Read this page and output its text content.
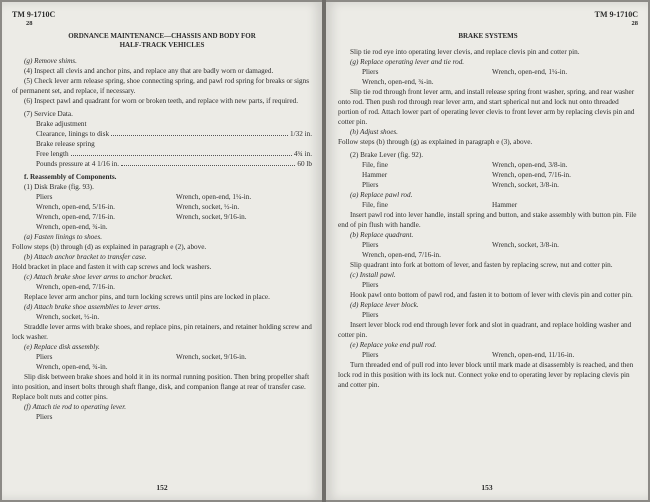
TM 9-1710C
28
ORDNANCE MAINTENANCE—CHASSIS AND BODY FOR
HALF-TRACK VEHICLES

(g) Remove shims.

(4) Inspect all clevis and anchor pins, and replace any that are badly worn or damaged.

(5) Check lever arm release spring, shoe connecting spring, and pawl rod spring for breaks or signs of permanent set, and replace, if necessary.

(6) Inspect pawl and quadrant for worn or broken teeth, and replace with new parts, if required.

(7) Service Data.

Brake adjustment
Clearance, linings to disk	1/32 in.
Brake release spring
Free length	4¾ in.
Pounds pressure at 4 1/16 in.	60 lb

f. Reassembly of Components.

(1) Disk Brake (fig. 93).

Pliers	Wrench, open-end, 1¼-in.
Wrench, open-end, 5/16-in.	Wrench, socket, ½-in.
Wrench, open-end, 7/16-in.	Wrench, socket, 9/16-in.
Wrench, open-end, ¾-in.

(a) Fasten linings to shoes.

Follow steps (b) through (d) as explained in paragraph e (2), above.

(b) Attach anchor bracket to transfer case.

Hold bracket in place and fasten it with cap screws and lock washers.

(c) Attach brake shoe lever arms to anchor bracket.

Wrench, open-end, 7/16-in.

Replace lever arm anchor pins, and turn locking screws until pins are locked in place.

(d) Attach brake shoe assemblies to lever arms.

Wrench, socket, ½-in.

Straddle lever arms with brake shoes, and replace pins, pin retainers, and retainer holding screw and lock washer.

(e) Replace disk assembly.

Pliers	Wrench, socket, 9/16-in.
Wrench, open-end, ¾-in.

Slip disk between brake shoes and hold it in its normal running position. Then bring propeller shaft into position, and insert bolts through shaft flange, disk, and companion flange at rear of transfer case. Replace bolt nuts and cotter pins.

(f) Attach tie rod to operating lever.

Pliers
152
TM 9-1710C
28
BRAKE SYSTEMS

Slip tie rod eye into operating lever clevis, and replace clevis pin and cotter pin.

(g) Replace operating lever and tie rod.

Pliers	Wrench, open-end, 1¼-in.
Wrench, open-end, ¾-in.

Slip tie rod through front lever arm, and install release spring front washer, spring, and rear washer onto rod. Then push rod through rear lever arm, and start spherical nut and lock nut onto threaded portion of rod. Attach lower part of operating lever clevis to front lever arm by replacing clevis pin and cotter pin.

(h) Adjust shoes.

Follow steps (b) through (g) as explained in paragraph e (3), above.

(2) Brake Lever (fig. 92).

File, fine	Wrench, open-end, 3/8-in.
Hammer	Wrench, open-end, 7/16-in.
Pliers	Wrench, socket, 3/8-in.

(a) Replace pawl rod.

File, fine	Hammer

Insert pawl rod into lever handle, install spring and button, and stake assembly with button pin. File end of pin flush with handle.

(b) Replace quadrant.

Pliers	Wrench, socket, 3/8-in.
Wrench, open-end, 7/16-in.

Slip quadrant into fork at bottom of lever, and fasten by replacing screw, nut and cotter pin.

(c) Install pawl.

Pliers

Hook pawl onto bottom of pawl rod, and fasten it to bottom of lever with clevis pin and cotter pin.

(d) Replace lever block.

Pliers

Insert lever block rod end through lever fork and slot in quadrant, and replace holding washer and cotter pin.

(e) Replace yoke end pull rod.

Pliers	Wrench, open-end, 11/16-in.

Turn threaded end of pull rod into lever block until mark made at disassembly is reached, and then lock rod in this position with its lock nut. Connect yoke end to operating lever by replacing clevis pin and cotter pin.

153
